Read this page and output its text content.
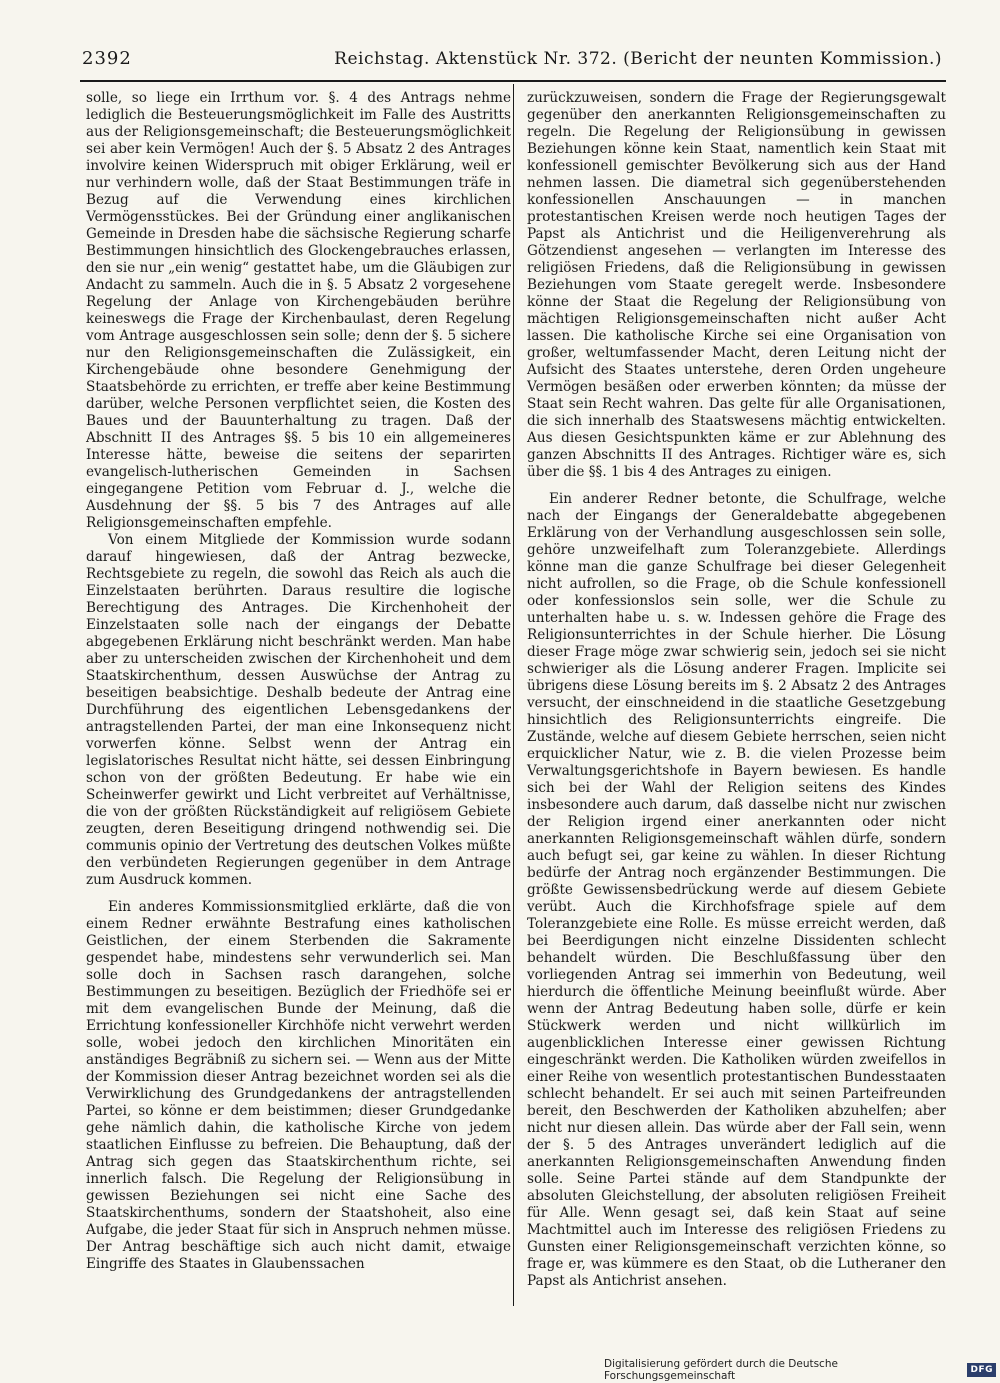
2392	Reichstag. Aktenstück Nr. 372. (Bericht der neunten Kommission.)

solle, so liege ein Irrthum vor. §. 4 des Antrags nehme lediglich die Besteuerungsmöglichkeit im Falle des Austritts aus der Religionsgemeinschaft; die Besteuerungsmöglichkeit sei aber kein Vermögen! Auch der §. 5 Absatz 2 des Antrages involvire keinen Widerspruch mit obiger Erklärung, weil er nur verhindern wolle, daß der Staat Bestimmungen träfe in Bezug auf die Verwendung eines kirchlichen Vermögensstückes. Bei der Gründung einer anglikanischen Gemeinde in Dresden habe die sächsische Regierung scharfe Bestimmungen hinsichtlich des Glockengebrauches erlassen, den sie nur „ein wenig“ gestattet habe, um die Gläubigen zur Andacht zu sammeln. Auch die in §. 5 Absatz 2 vorgesehene Regelung der Anlage von Kirchengebäuden berühre keineswegs die Frage der Kirchenbaulast, deren Regelung vom Antrage ausgeschlossen sein solle; denn der §. 5 sichere nur den Religionsgemeinschaften die Zulässigkeit, ein Kirchengebäude ohne besondere Genehmigung der Staatsbehörde zu errichten, er treffe aber keine Bestimmung darüber, welche Personen verpflichtet seien, die Kosten des Baues und der Bauunterhaltung zu tragen. Daß der Abschnitt II des Antrages §§. 5 bis 10 ein allgemeineres Interesse hätte, beweise die seitens der separirten evangelisch-lutherischen Gemeinden in Sachsen eingegangene Petition vom Februar d. J., welche die Ausdehnung der §§. 5 bis 7 des Antrages auf alle Religionsgemeinschaften empfehle.

Von einem Mitgliede der Kommission wurde sodann darauf hingewiesen, daß der Antrag bezwecke, Rechtsgebiete zu regeln, die sowohl das Reich als auch die Einzelstaaten berührten. Daraus resultire die logische Berechtigung des Antrages. Die Kirchenhoheit der Einzelstaaten solle nach der eingangs der Debatte abgegebenen Erklärung nicht beschränkt werden. Man habe aber zu unterscheiden zwischen der Kirchenhoheit und dem Staatskirchenthum, dessen Auswüchse der Antrag zu beseitigen beabsichtige. Deshalb bedeute der Antrag eine Durchführung des eigentlichen Lebensgedankens der antragstellenden Partei, der man eine Inkonsequenz nicht vorwerfen könne. Selbst wenn der Antrag ein legislatorisches Resultat nicht hätte, sei dessen Einbringung schon von der größten Bedeutung. Er habe wie ein Scheinwerfer gewirkt und Licht verbreitet auf Verhältnisse, die von der größten Rückständigkeit auf religiösem Gebiete zeugten, deren Beseitigung dringend nothwendig sei. Die communis opinio der Vertretung des deutschen Volkes müßte den verbündeten Regierungen gegenüber in dem Antrage zum Ausdruck kommen.

Ein anderes Kommissionsmitglied erklärte, daß die von einem Redner erwähnte Bestrafung eines katholischen Geistlichen, der einem Sterbenden die Sakramente gespendet habe, mindestens sehr verwunderlich sei. Man solle doch in Sachsen rasch darangehen, solche Bestimmungen zu beseitigen. Bezüglich der Friedhöfe sei er mit dem evangelischen Bunde der Meinung, daß die Errichtung konfessioneller Kirchhöfe nicht verwehrt werden solle, wobei jedoch den kirchlichen Minoritäten ein anständiges Begräbniß zu sichern sei. — Wenn aus der Mitte der Kommission dieser Antrag bezeichnet worden sei als die Verwirklichung des Grundgedankens der antragstellenden Partei, so könne er dem beistimmen; dieser Grundgedanke gehe nämlich dahin, die katholische Kirche von jedem staatlichen Einflusse zu befreien. Die Behauptung, daß der Antrag sich gegen das Staatskirchenthum richte, sei innerlich falsch. Die Regelung der Religionsübung in gewissen Beziehungen sei nicht eine Sache des Staatskirchenthums, sondern der Staatshoheit, also eine Aufgabe, die jeder Staat für sich in Anspruch nehmen müsse. Der Antrag beschäftige sich auch nicht damit, etwaige Eingriffe des Staates in Glaubenssachen

zurückzuweisen, sondern die Frage der Regierungsgewalt gegenüber den anerkannten Religionsgemeinschaften zu regeln. Die Regelung der Religionsübung in gewissen Beziehungen könne kein Staat, namentlich kein Staat mit konfessionell gemischter Bevölkerung sich aus der Hand nehmen lassen. Die diametral sich gegenüberstehenden konfessionellen Anschauungen — in manchen protestantischen Kreisen werde noch heutigen Tages der Papst als Antichrist und die Heiligenverehrung als Götzendienst angesehen — verlangten im Interesse des religiösen Friedens, daß die Religionsübung in gewissen Beziehungen vom Staate geregelt werde. Insbesondere könne der Staat die Regelung der Religionsübung von mächtigen Religionsgemeinschaften nicht außer Acht lassen. Die katholische Kirche sei eine Organisation von großer, weltumfassender Macht, deren Leitung nicht der Aufsicht des Staates unterstehe, deren Orden ungeheure Vermögen besäßen oder erwerben könnten; da müsse der Staat sein Recht wahren. Das gelte für alle Organisationen, die sich innerhalb des Staatswesens mächtig entwickelten. Aus diesen Gesichtspunkten käme er zur Ablehnung des ganzen Abschnitts II des Antrages. Richtiger wäre es, sich über die §§. 1 bis 4 des Antrages zu einigen.

Ein anderer Redner betonte, die Schulfrage, welche nach der Eingangs der Generaldebatte abgegebenen Erklärung von der Verhandlung ausgeschlossen sein solle, gehöre unzweifelhaft zum Toleranzgebiete. Allerdings könne man die ganze Schulfrage bei dieser Gelegenheit nicht aufrollen, so die Frage, ob die Schule konfessionell oder konfessionslos sein solle, wer die Schule zu unterhalten habe u. s. w. Indessen gehöre die Frage des Religionsunterrichtes in der Schule hierher. Die Lösung dieser Frage möge zwar schwierig sein, jedoch sei sie nicht schwieriger als die Lösung anderer Fragen. Implicite sei übrigens diese Lösung bereits im §. 2 Absatz 2 des Antrages versucht, der einschneidend in die staatliche Gesetzgebung hinsichtlich des Religionsunterrichts eingreife. Die Zustände, welche auf diesem Gebiete herrschen, seien nicht erquicklicher Natur, wie z. B. die vielen Prozesse beim Verwaltungsgerichtshofe in Bayern bewiesen. Es handle sich bei der Wahl der Religion seitens des Kindes insbesondere auch darum, daß dasselbe nicht nur zwischen der Religion irgend einer anerkannten oder nicht anerkannten Religionsgemeinschaft wählen dürfe, sondern auch befugt sei, gar keine zu wählen. In dieser Richtung bedürfe der Antrag noch ergänzender Bestimmungen. Die größte Gewissensbedrückung werde auf diesem Gebiete verübt. Auch die Kirchhofsfrage spiele auf dem Toleranzgebiete eine Rolle. Es müsse erreicht werden, daß bei Beerdigungen nicht einzelne Dissidenten schlecht behandelt würden. Die Beschlußfassung über den vorliegenden Antrag sei immerhin von Bedeutung, weil hierdurch die öffentliche Meinung beeinflußt würde. Aber wenn der Antrag Bedeutung haben solle, dürfe er kein Stückwerk werden und nicht willkürlich im augenblicklichen Interesse einer gewissen Richtung eingeschränkt werden. Die Katholiken würden zweifellos in einer Reihe von wesentlich protestantischen Bundesstaaten schlecht behandelt. Er sei auch mit seinen Parteifreunden bereit, den Beschwerden der Katholiken abzuhelfen; aber nicht nur diesen allein. Das würde aber der Fall sein, wenn der §. 5 des Antrages unverändert lediglich auf die anerkannten Religionsgemeinschaften Anwendung finden solle. Seine Partei stände auf dem Standpunkte der absoluten Gleichstellung, der absoluten religiösen Freiheit für Alle. Wenn gesagt sei, daß kein Staat auf seine Machtmittel auch im Interesse des religiösen Friedens zu Gunsten einer Religionsgemeinschaft verzichten könne, so frage er, was kümmere es den Staat, ob die Lutheraner den Papst als Antichrist ansehen.

Digitalisierung gefördert durch die Deutsche Forschungsgemeinschaft	DFG
